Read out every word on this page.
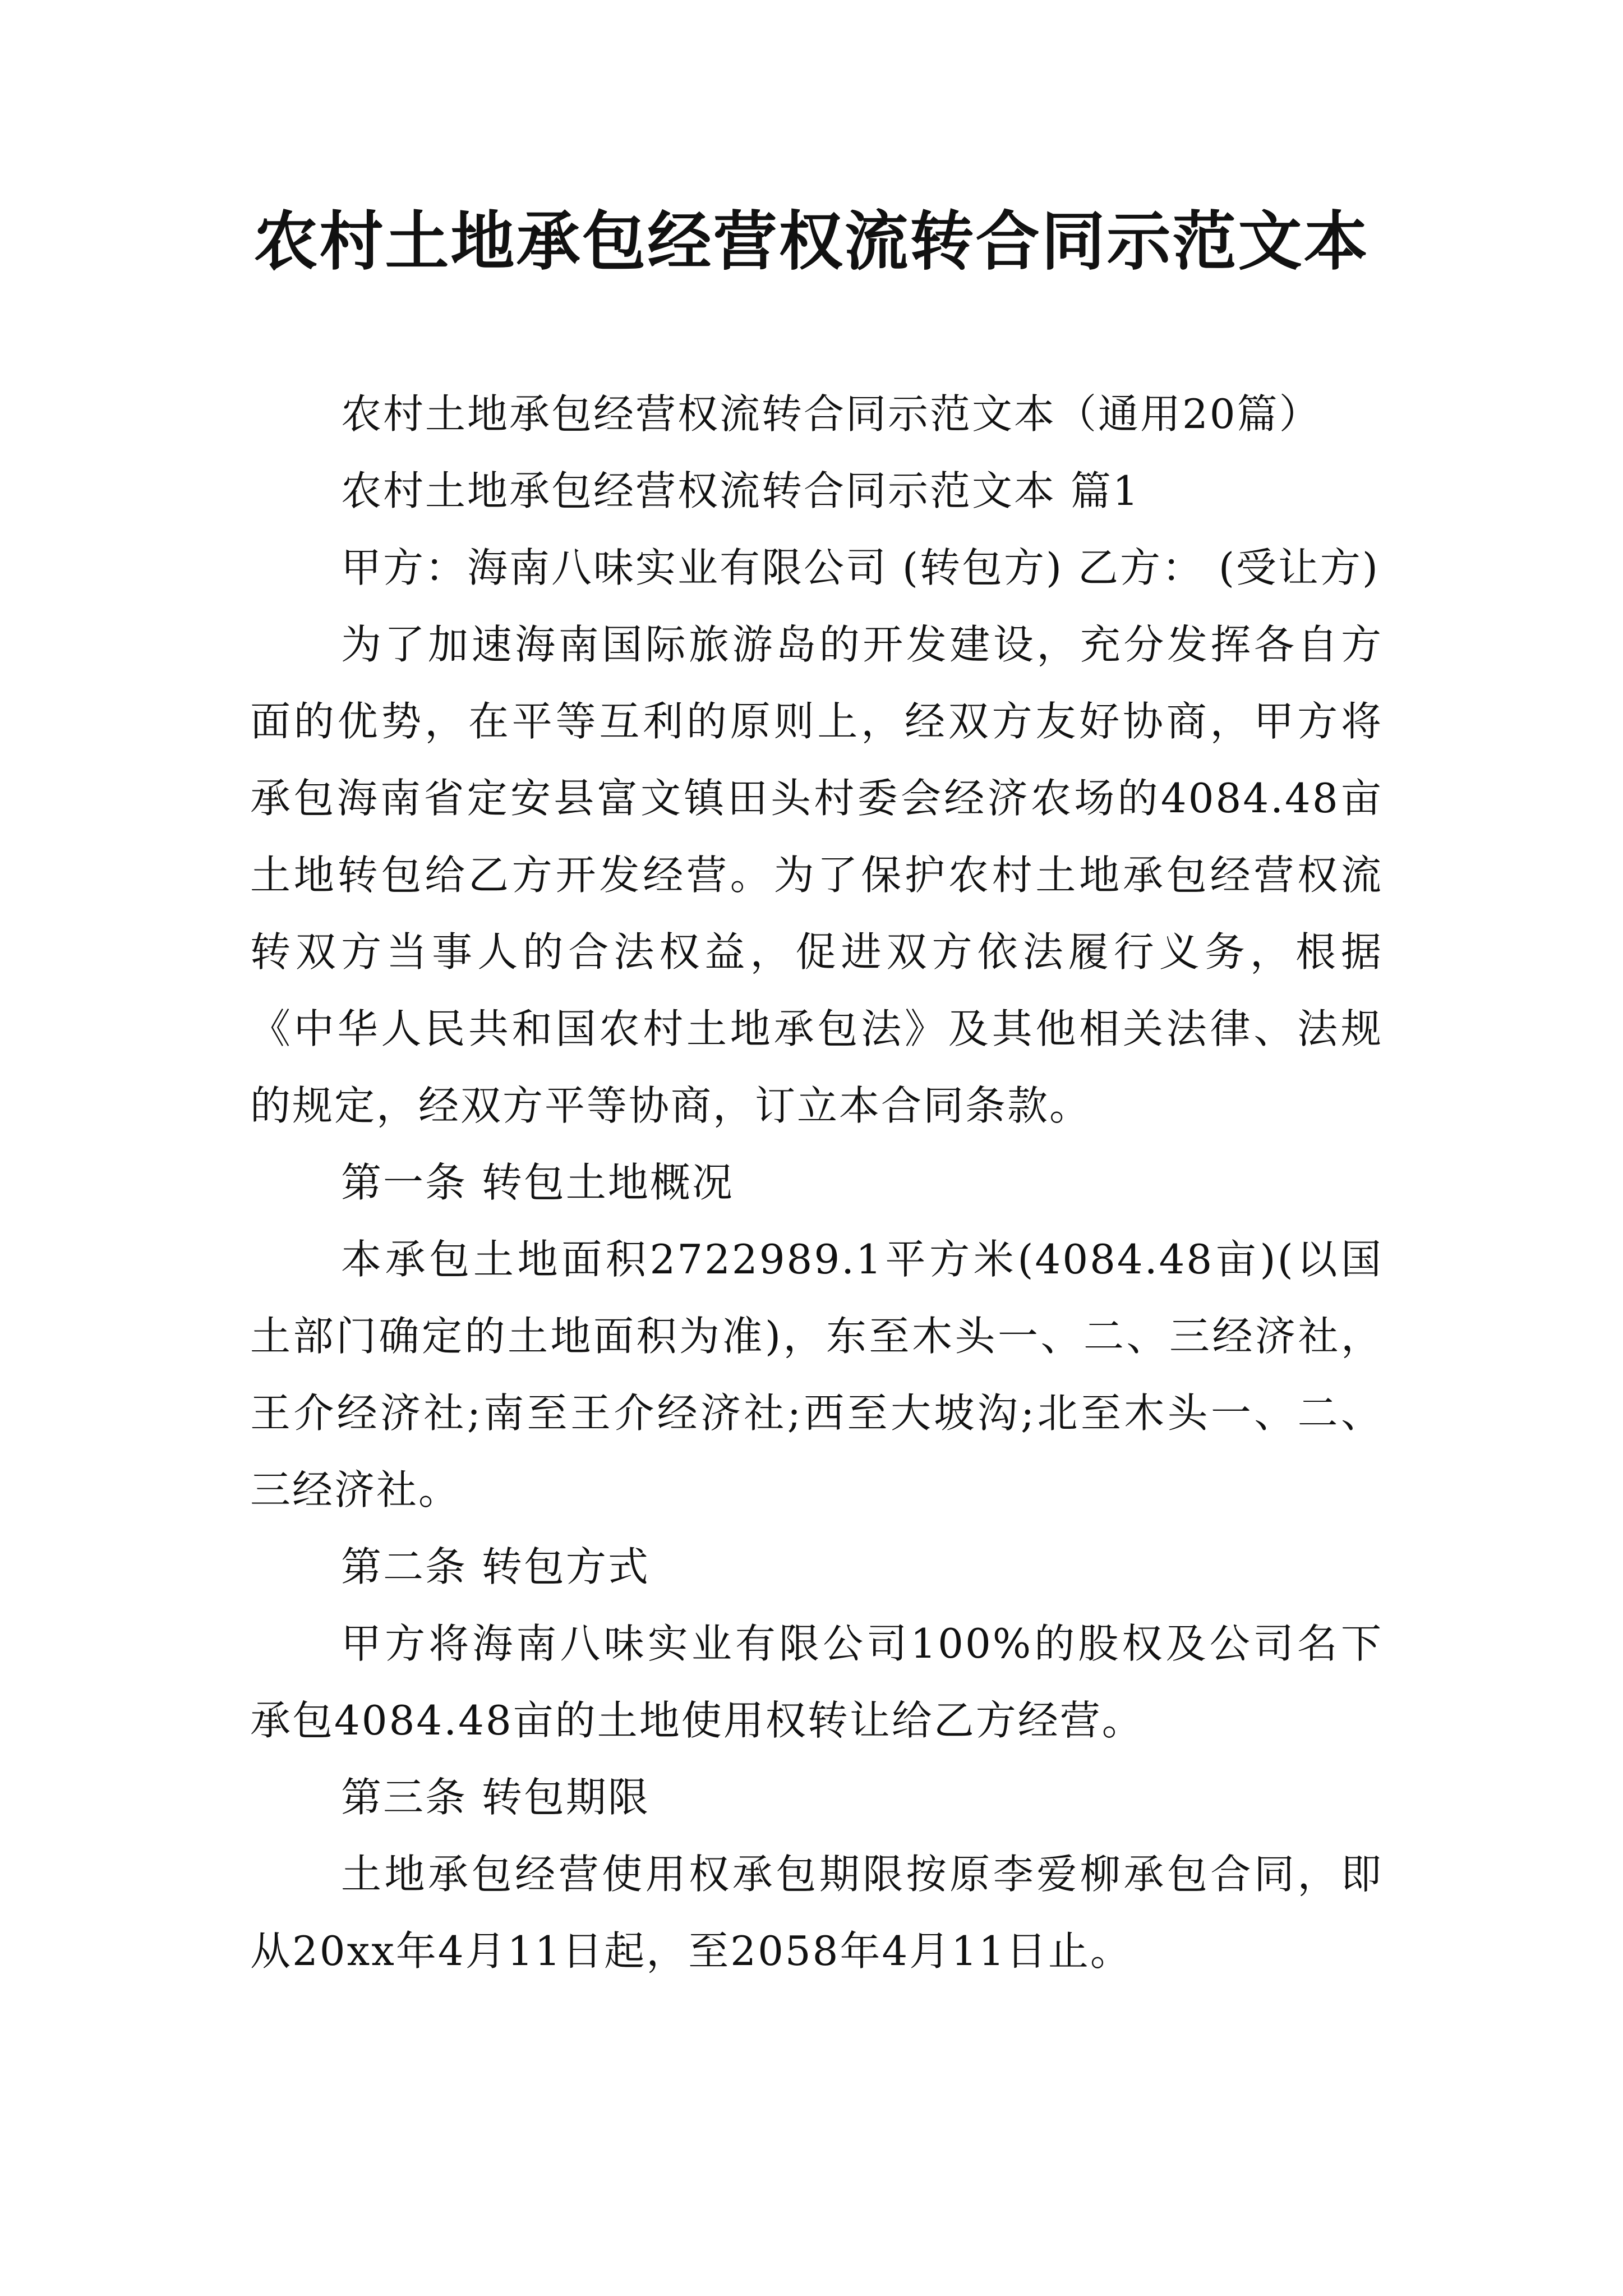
农村土地承包经营权流转合同示范文本

农村土地承包经营权流转合同示范文本（通用20篇）

农村土地承包经营权流转合同示范文本 篇1

甲方：海南八味实业有限公司 (转包方) 乙方： (受让方)

为了加速海南国际旅游岛的开发建设，充分发挥各自方面的优势，在平等互利的原则上，经双方友好协商，甲方将承包海南省定安县富文镇田头村委会经济农场的4084.48亩土地转包给乙方开发经营。为了保护农村土地承包经营权流转双方当事人的合法权益，促进双方依法履行义务，根据《中华人民共和国农村土地承包法》及其他相关法律、法规的规定，经双方平等协商，订立本合同条款。

第一条 转包土地概况

本承包土地面积2722989.1平方米(4084.48亩)(以国土部门确定的土地面积为准)，东至木头一、二、三经济社，王介经济社;南至王介经济社;西至大坡沟;北至木头一、二、三经济社。

第二条 转包方式

甲方将海南八味实业有限公司100%的股权及公司名下承包4084.48亩的土地使用权转让给乙方经营。

第三条 转包期限

土地承包经营使用权承包期限按原李爱柳承包合同，即从20xx年4月11日起，至2058年4月11日止。
